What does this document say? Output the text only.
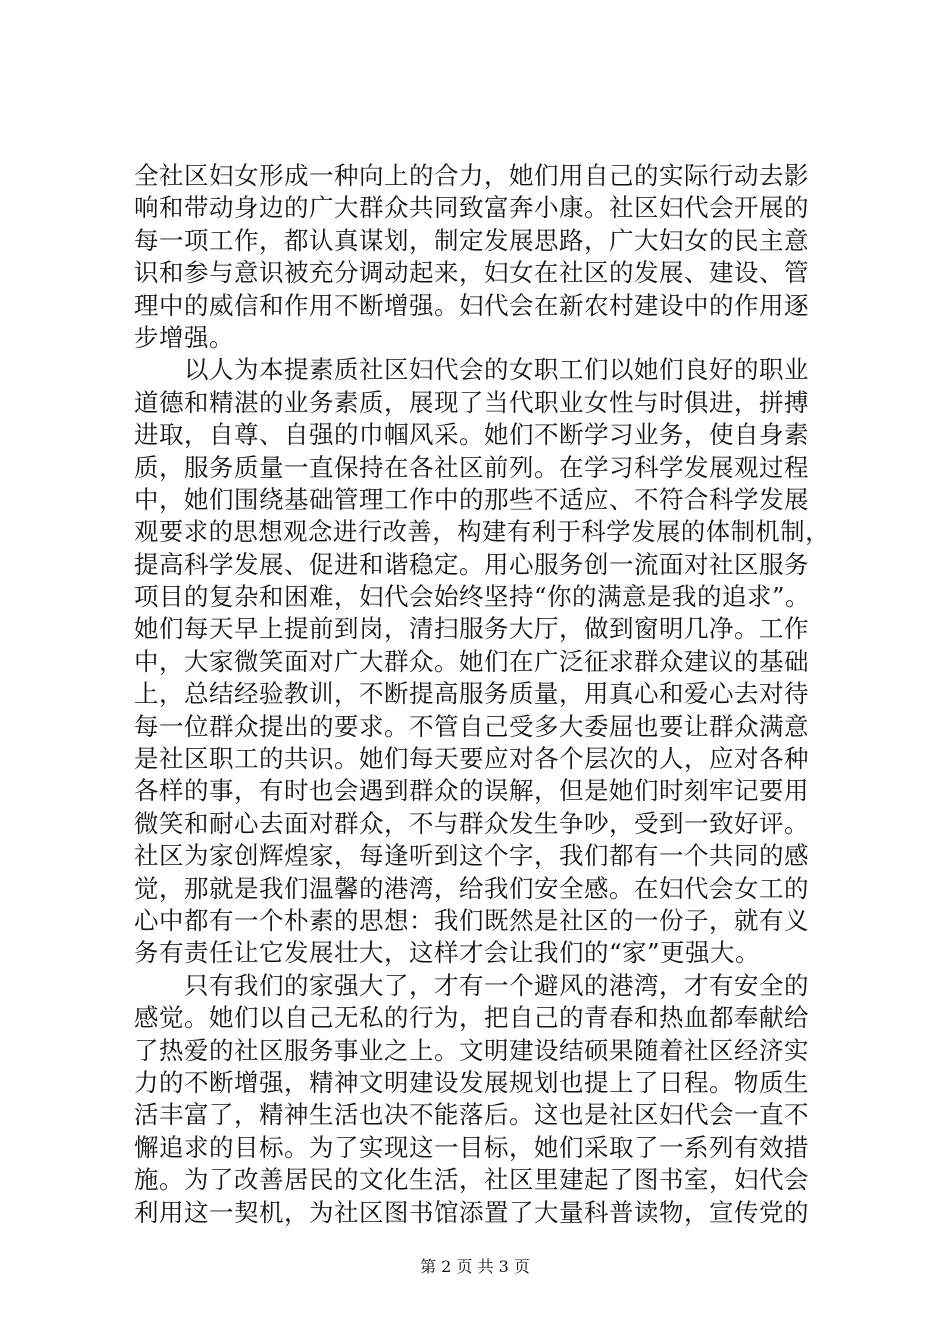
全社区妇女形成一种向上的合力，她们用自己的实际行动去影
响和带动身边的广大群众共同致富奔小康。社区妇代会开展的
每一项工作，都认真谋划，制定发展思路，广大妇女的民主意
识和参与意识被充分调动起来，妇女在社区的发展、建设、管
理中的威信和作用不断增强。妇代会在新农村建设中的作用逐
步增强。
　　以人为本提素质社区妇代会的女职工们以她们良好的职业
道德和精湛的业务素质，展现了当代职业女性与时俱进，拼搏
进取，自尊、自强的巾帼风采。她们不断学习业务，使自身素
质，服务质量一直保持在各社区前列。在学习科学发展观过程
中，她们围绕基础管理工作中的那些不适应、不符合科学发展
观要求的思想观念进行改善，构建有利于科学发展的体制机制，
提高科学发展、促进和谐稳定。用心服务创一流面对社区服务
项目的复杂和困难，妇代会始终坚持“你的满意是我的追求”。
她们每天早上提前到岗，清扫服务大厅，做到窗明几净。工作
中，大家微笑面对广大群众。她们在广泛征求群众建议的基础
上，总结经验教训，不断提高服务质量，用真心和爱心去对待
每一位群众提出的要求。不管自己受多大委屈也要让群众满意
是社区职工的共识。她们每天要应对各个层次的人，应对各种
各样的事，有时也会遇到群众的误解，但是她们时刻牢记要用
微笑和耐心去面对群众，不与群众发生争吵，受到一致好评。
社区为家创辉煌家，每逢听到这个字，我们都有一个共同的感
觉，那就是我们温馨的港湾，给我们安全感。在妇代会女工的
心中都有一个朴素的思想：我们既然是社区的一份子，就有义
务有责任让它发展壮大，这样才会让我们的“家”更强大。
　　只有我们的家强大了，才有一个避风的港湾，才有安全的
感觉。她们以自己无私的行为，把自己的青春和热血都奉献给
了热爱的社区服务事业之上。文明建设结硕果随着社区经济实
力的不断增强，精神文明建设发展规划也提上了日程。物质生
活丰富了，精神生活也决不能落后。这也是社区妇代会一直不
懈追求的目标。为了实现这一目标，她们采取了一系列有效措
施。为了改善居民的文化生活，社区里建起了图书室，妇代会
利用这一契机，为社区图书馆添置了大量科普读物，宣传党的
第 2 页 共 3 页
